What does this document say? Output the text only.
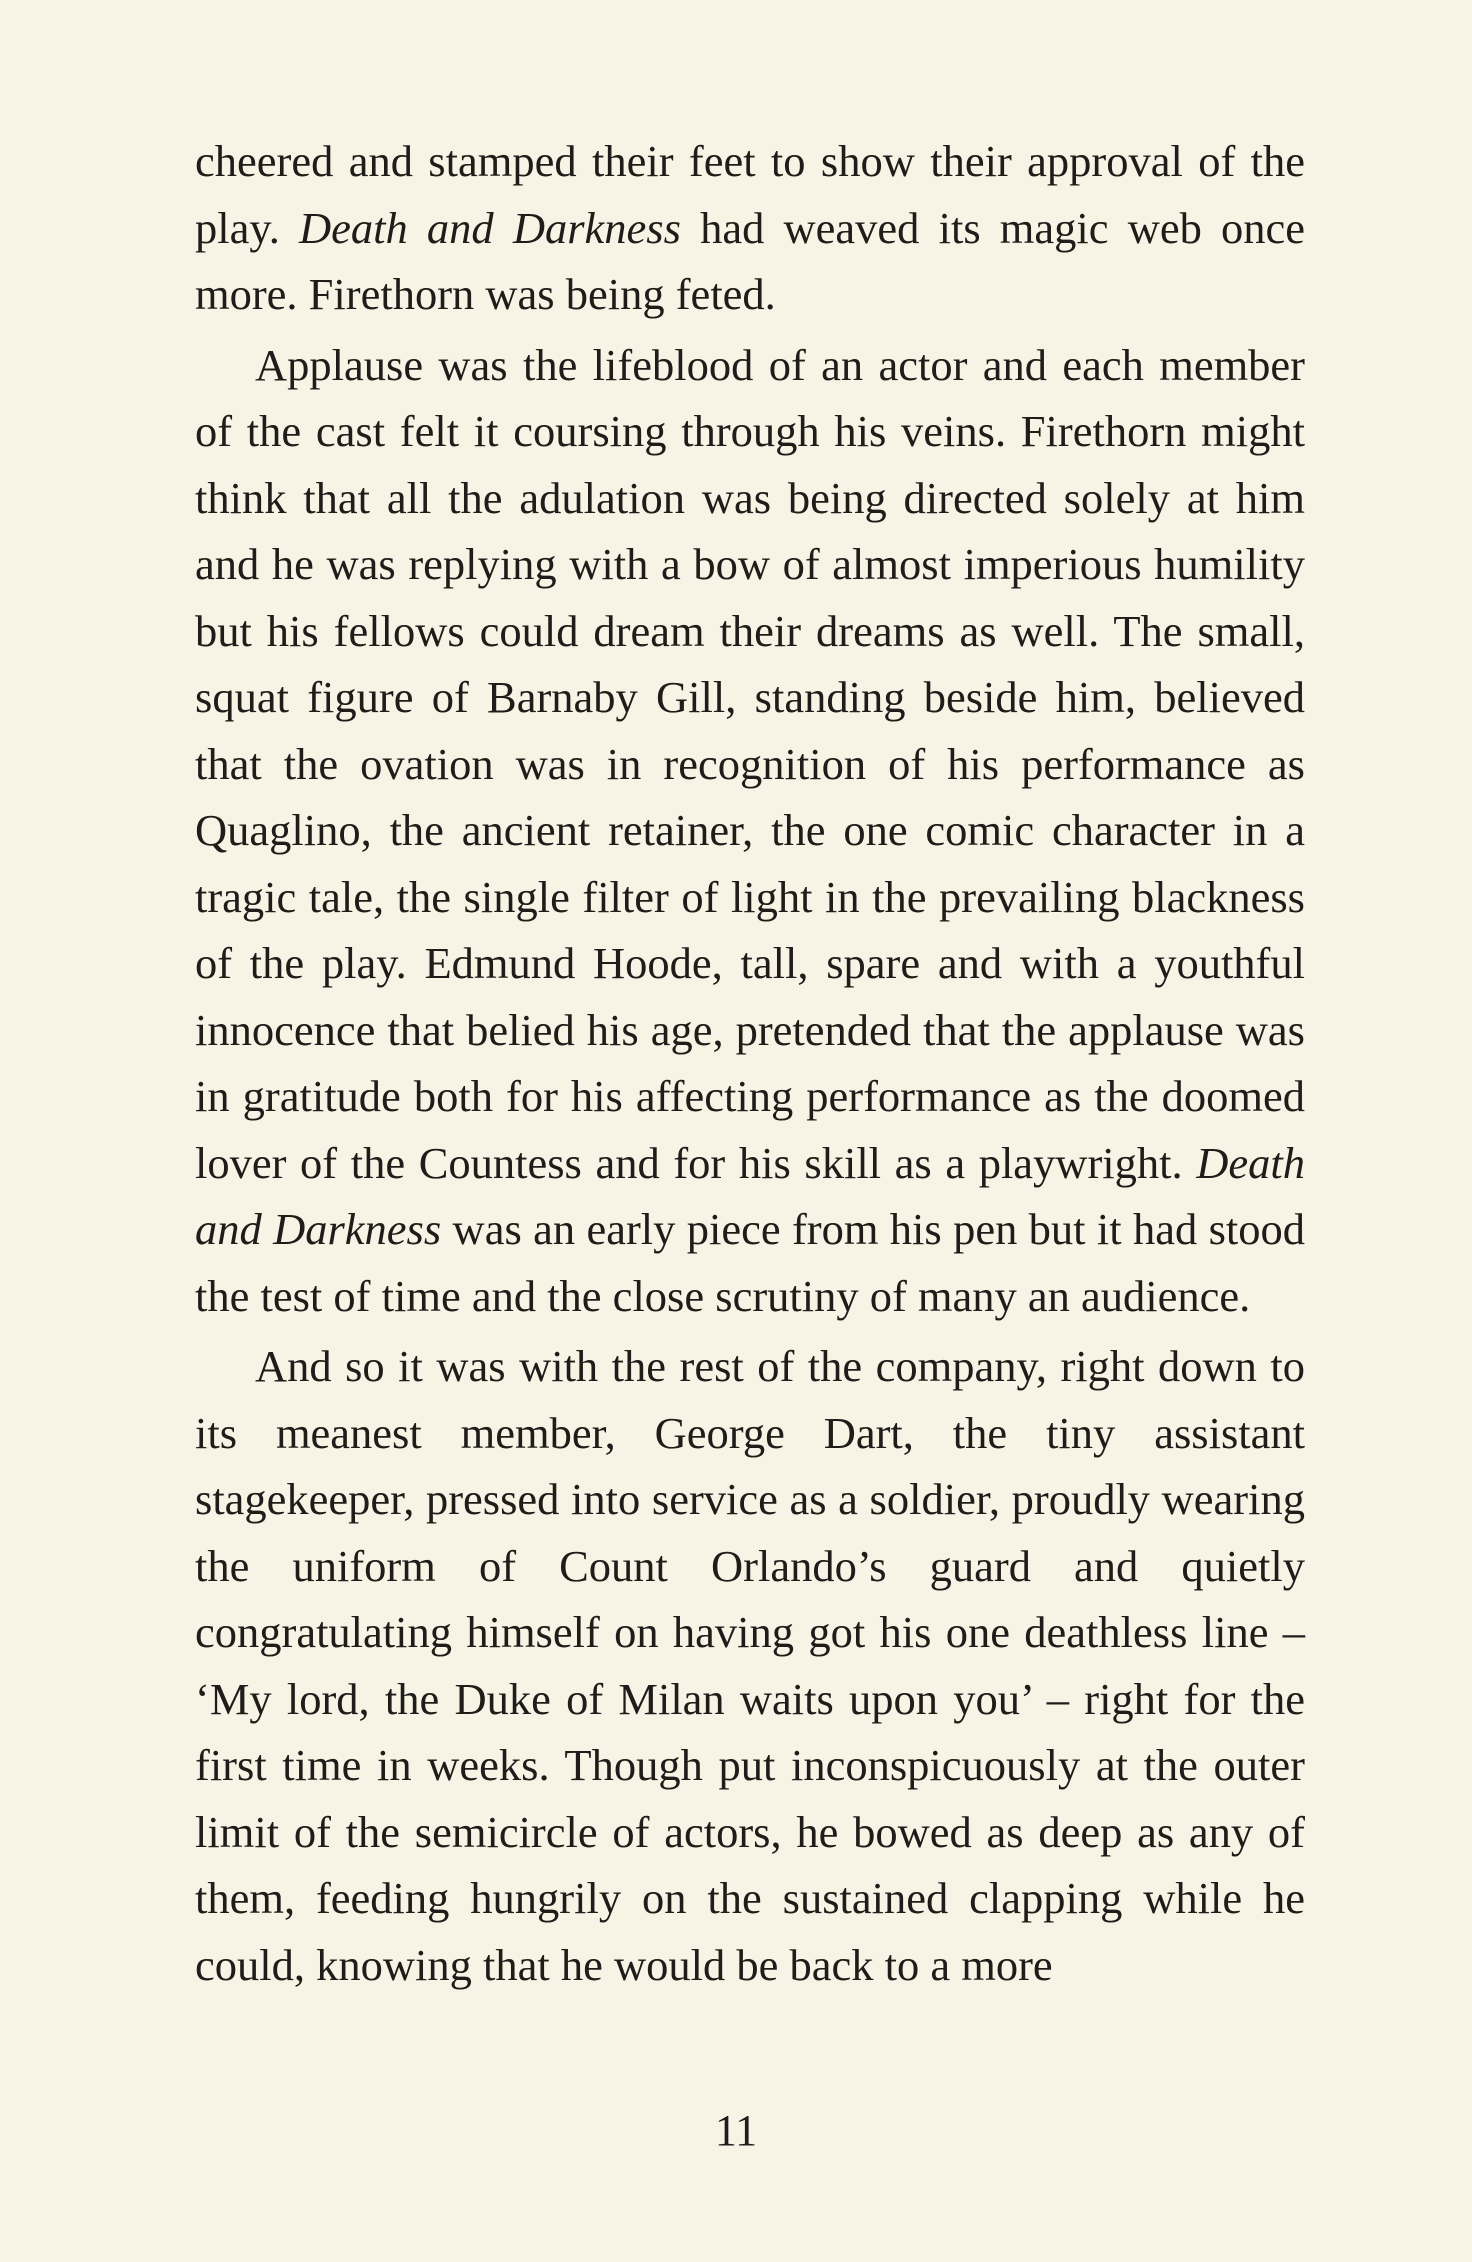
cheered and stamped their feet to show their approval of the play. Death and Darkness had weaved its magic web once more. Firethorn was being feted.

Applause was the lifeblood of an actor and each member of the cast felt it coursing through his veins. Firethorn might think that all the adulation was being directed solely at him and he was replying with a bow of almost imperious humility but his fellows could dream their dreams as well. The small, squat figure of Barnaby Gill, standing beside him, believed that the ovation was in recognition of his performance as Quaglino, the ancient retainer, the one comic character in a tragic tale, the single filter of light in the prevailing blackness of the play. Edmund Hoode, tall, spare and with a youthful innocence that belied his age, pretended that the applause was in gratitude both for his affecting performance as the doomed lover of the Countess and for his skill as a playwright. Death and Darkness was an early piece from his pen but it had stood the test of time and the close scrutiny of many an audience.

And so it was with the rest of the company, right down to its meanest member, George Dart, the tiny assistant stagekeeper, pressed into service as a soldier, proudly wearing the uniform of Count Orlando’s guard and quietly congratulating himself on having got his one deathless line – ‘My lord, the Duke of Milan waits upon you’ – right for the first time in weeks. Though put inconspicuously at the outer limit of the semicircle of actors, he bowed as deep as any of them, feeding hungrily on the sustained clapping while he could, knowing that he would be back to a more

11
